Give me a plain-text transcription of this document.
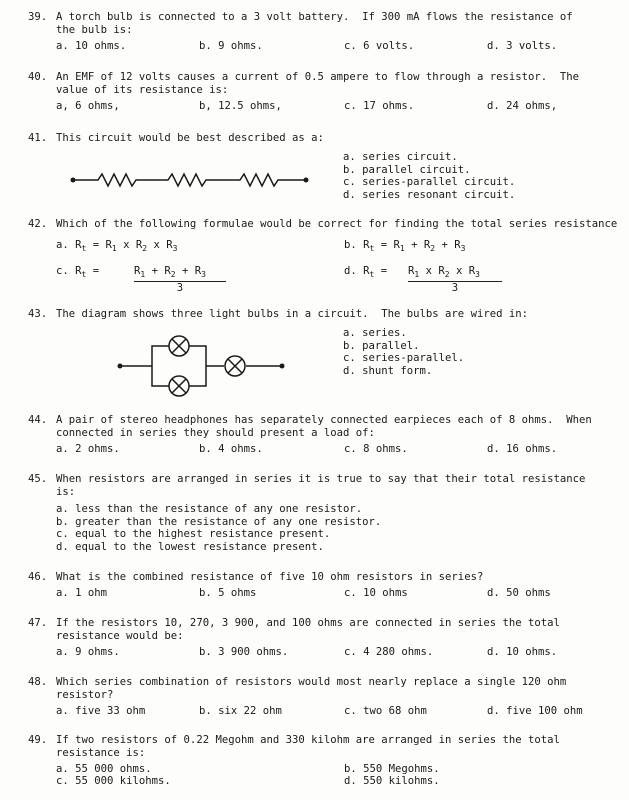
39. A torch bulb is connected to a 3 volt battery.  If 300 mA flows the resistance of
the bulb is:
a. 10 ohms.	b. 9 ohms.	c. 6 volts.	d. 3 volts.
40. An EMF of 12 volts causes a current of 0.5 ampere to flow through a resistor.  The
value of its resistance is:
a, 6 ohms,	b, 12.5 ohms,	c. 17 ohms.	d. 24 ohms,
41. This circuit would be best described as a:
a. series circuit.
b. parallel circuit.
c. series-parallel circuit.
d. series resonant circuit.
42. Which of the following formulae would be correct for finding the total series resistance
a. $R_t = R_1$ x $R_2$ x $R_3$	b. $R_t = R_1 + R_2 + R_3$
c. $R_t$ =	$R_1 + R_2 + R_3$
3
d. $R_t = R_1$ x $R_2$ x $R_3$
3
43. The diagram shows three light bulbs in a circuit.  The bulbs are wired in:
a. series.
b. parallel.
c. series-parallel.
d. shunt form.
44. A pair of stereo headphones has separately connected earpieces each of 8 ohms.  When
connected in series they should present a load of:
a. 2 ohms.	b. 4 ohms.	c. 8 ohms.	d. 16 ohms.
45. When resistors are arranged in series it is true to say that their total resistance
is:
a. less than the resistance of any one resistor.
b. greater than the resistance of any one resistor.
c. equal to the highest resistance present.
d. equal to the lowest resistance present.
46. What is the combined resistance of five 10 ohm resistors in series?
a. 1 ohm	b. 5 ohms	c. 10 ohms	d. 50 ohms
47. If the resistors 10, 270, 3 900, and 100 ohms are connected in series the total
resistance would be:
a. 9 ohms.	b. 3 900 ohms.	c. 4 280 ohms.	d. 10 ohms.
48. Which series combination of resistors would most nearly replace a single 120 ohm
resistor?
a. five 33 ohm	b. six 22 ohm	c. two 68 ohm	d. five 100 ohm
49. If two resistors of 0.22 Megohm and 330 kilohm are arranged in series the total
resistance is:
a. 55 000 ohms.	b. 550 Megohms.
c. 55 000 kilohms.	d. 550 kilohms.
